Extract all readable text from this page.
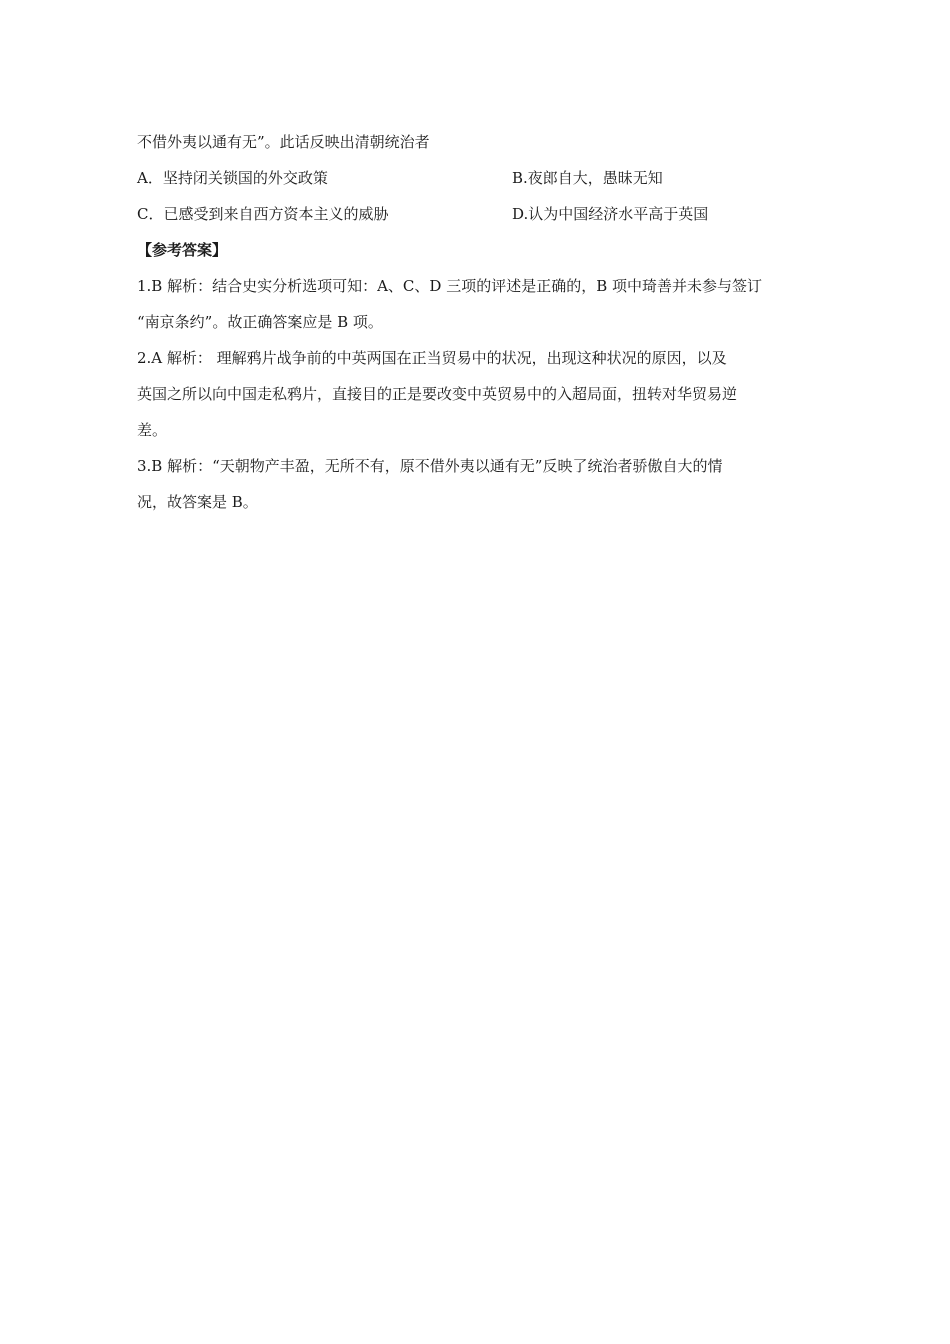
不借外夷以通有无”。此话反映出清朝统治者
A．坚持闭关锁国的外交政策	B.夜郎自大，愚昧无知
C．已感受到来自西方资本主义的威胁	D.认为中国经济水平高于英国
【参考答案】
1.B 解析：结合史实分析选项可知：A、C、D 三项的评述是正确的，B 项中琦善并未参与签订
“南京条约”。故正确答案应是 B 项。
2.A 解析： 理解鸦片战争前的中英两国在正当贸易中的状况，出现这种状况的原因，以及
英国之所以向中国走私鸦片，直接目的正是要改变中英贸易中的入超局面，扭转对华贸易逆
差。
3.B 解析：“天朝物产丰盈，无所不有，原不借外夷以通有无”反映了统治者骄傲自大的情
况，故答案是 B。
